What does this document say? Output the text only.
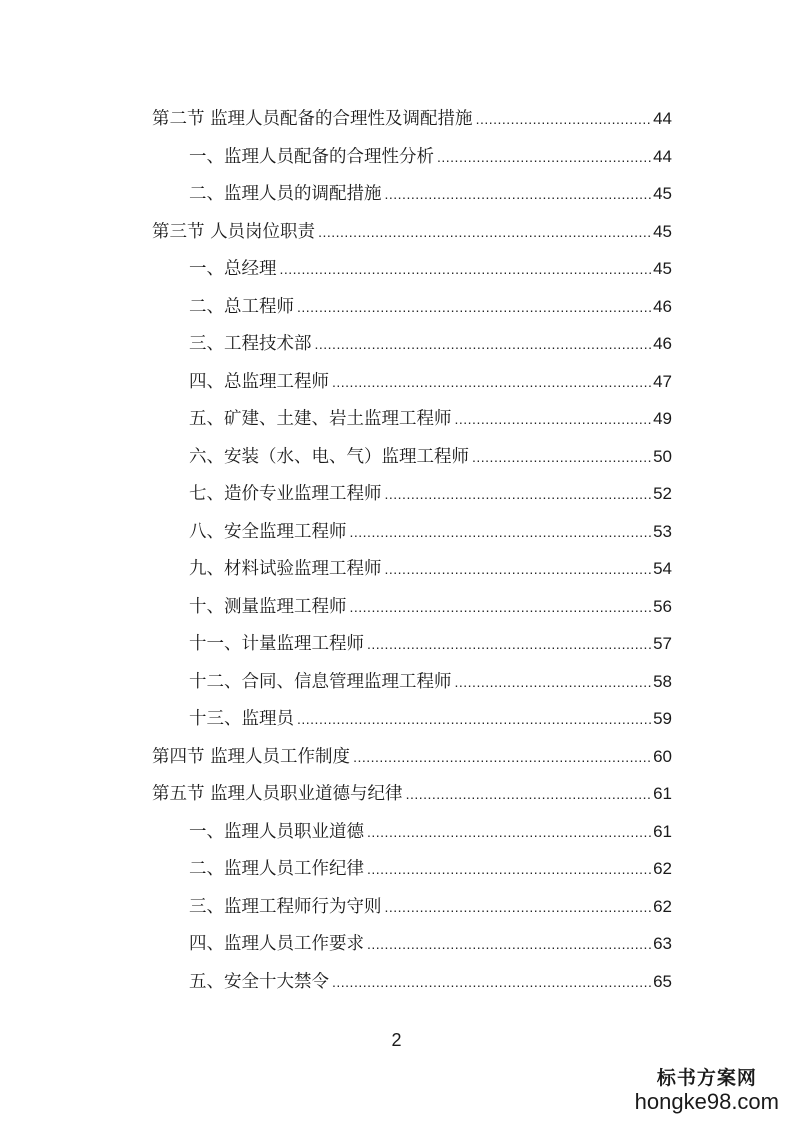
第二节 监理人员配备的合理性及调配措施 .....	44
一、监理人员配备的合理性分析 .....	44
二、监理人员的调配措施 .....	45
第三节 人员岗位职责 .....	45
一、总经理 .....	45
二、总工程师 .....	46
三、工程技术部 .....	46
四、总监理工程师 .....	47
五、矿建、土建、岩土监理工程师 .....	49
六、安装（水、电、气）监理工程师 .....	50
七、造价专业监理工程师 .....	52
八、安全监理工程师 .....	53
九、材料试验监理工程师 .....	54
十、测量监理工程师 .....	56
十一、计量监理工程师 .....	57
十二、合同、信息管理监理工程师 .....	58
十三、监理员 .....	59
第四节 监理人员工作制度 .....	60
第五节 监理人员职业道德与纪律 .....	61
一、监理人员职业道德 .....	61
二、监理人员工作纪律 .....	62
三、监理工程师行为守则 .....	62
四、监理人员工作要求 .....	63
五、安全十大禁令 .....	65
2
标书方案网
hongke98.com
